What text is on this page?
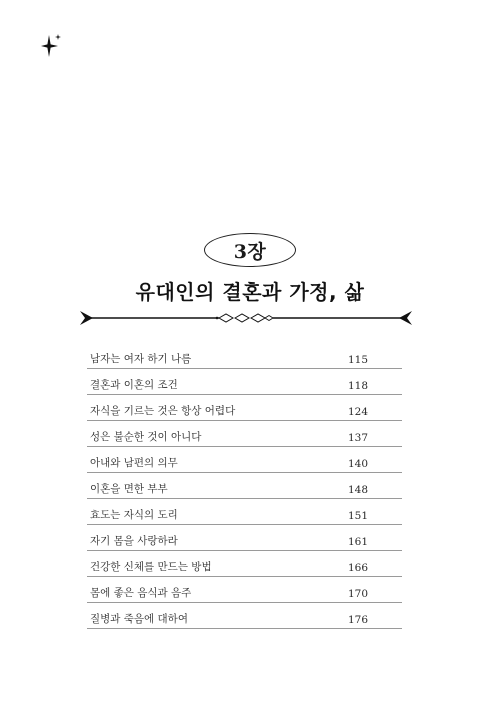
3장
유대인의 결혼과 가정, 삶
남자는 여자 하기 나름	115
결혼과 이혼의 조건	118
자식을 기르는 것은 항상 어렵다	124
성은 불순한 것이 아니다	137
아내와 남편의 의무	140
이혼을 면한 부부	148
효도는 자식의 도리	151
자기 몸을 사랑하라	161
건강한 신체를 만드는 방법	166
몸에 좋은 음식과 음주	170
질병과 죽음에 대하여	176
